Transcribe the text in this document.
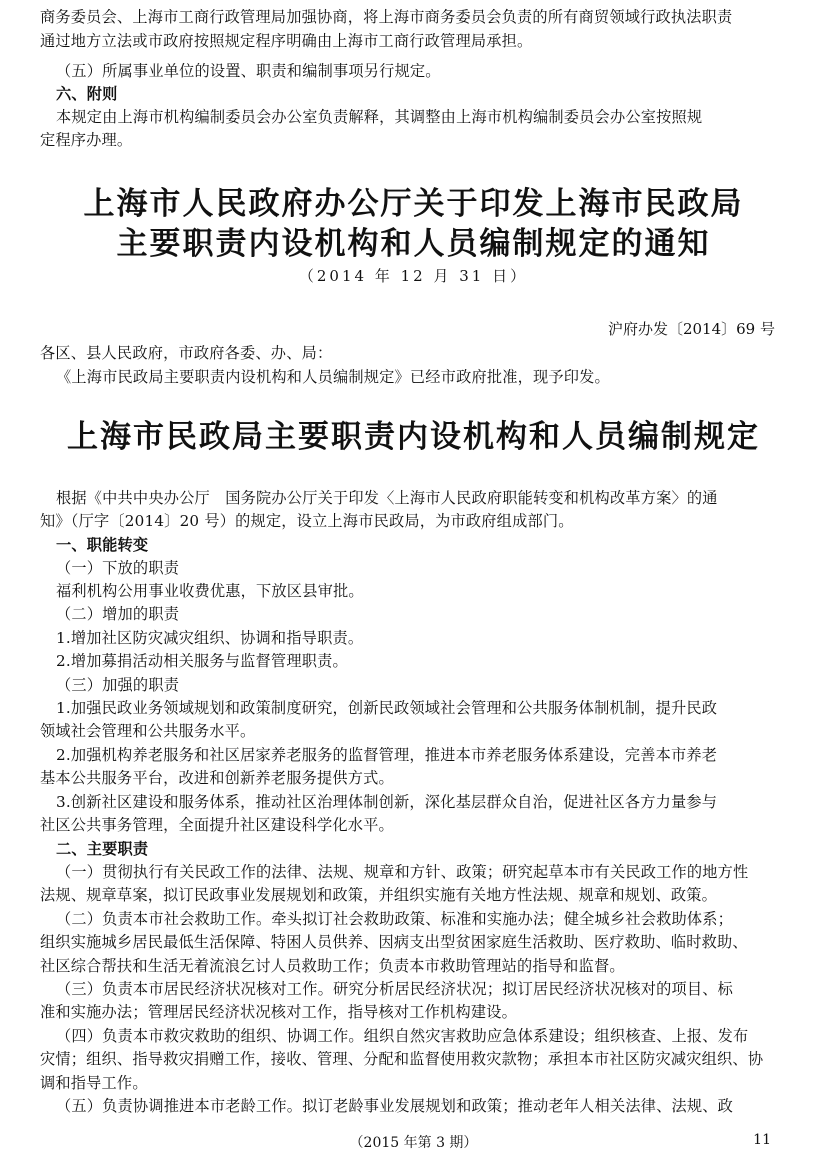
商务委员会、上海市工商行政管理局加强协商，将上海市商务委员会负责的所有商贸领域行政执法职责
通过地方立法或市政府按照规定程序明确由上海市工商行政管理局承担。
（五）所属事业单位的设置、职责和编制事项另行规定。
六、附则
本规定由上海市机构编制委员会办公室负责解释，其调整由上海市机构编制委员会办公室按照规
定程序办理。
上海市人民政府办公厅关于印发上海市民政局
主要职责内设机构和人员编制规定的通知
（2014 年 12 月 31 日）
沪府办发〔2014〕69 号
各区、县人民政府，市政府各委、办、局：
《上海市民政局主要职责内设机构和人员编制规定》已经市政府批准，现予印发。
上海市民政局主要职责内设机构和人员编制规定
根据《中共中央办公厅　国务院办公厅关于印发〈上海市人民政府职能转变和机构改革方案〉的通
知》（厅字〔2014〕20 号）的规定，设立上海市民政局，为市政府组成部门。
一、职能转变
（一）下放的职责
福利机构公用事业收费优惠，下放区县审批。
（二）增加的职责
1.增加社区防灾减灾组织、协调和指导职责。
2.增加募捐活动相关服务与监督管理职责。
（三）加强的职责
1.加强民政业务领域规划和政策制度研究，创新民政领域社会管理和公共服务体制机制，提升民政
领域社会管理和公共服务水平。
2.加强机构养老服务和社区居家养老服务的监督管理，推进本市养老服务体系建设，完善本市养老
基本公共服务平台，改进和创新养老服务提供方式。
3.创新社区建设和服务体系，推动社区治理体制创新，深化基层群众自治，促进社区各方力量参与
社区公共事务管理，全面提升社区建设科学化水平。
二、主要职责
（一）贯彻执行有关民政工作的法律、法规、规章和方针、政策；研究起草本市有关民政工作的地方性
法规、规章草案，拟订民政事业发展规划和政策，并组织实施有关地方性法规、规章和规划、政策。
（二）负责本市社会救助工作。牵头拟订社会救助政策、标准和实施办法；健全城乡社会救助体系；
组织实施城乡居民最低生活保障、特困人员供养、因病支出型贫困家庭生活救助、医疗救助、临时救助、
社区综合帮扶和生活无着流浪乞讨人员救助工作；负责本市救助管理站的指导和监督。
（三）负责本市居民经济状况核对工作。研究分析居民经济状况；拟订居民经济状况核对的项目、标
准和实施办法；管理居民经济状况核对工作，指导核对工作机构建设。
（四）负责本市救灾救助的组织、协调工作。组织自然灾害救助应急体系建设；组织核查、上报、发布
灾情；组织、指导救灾捐赠工作，接收、管理、分配和监督使用救灾款物；承担本市社区防灾减灾组织、协
调和指导工作。
（五）负责协调推进本市老龄工作。拟订老龄事业发展规划和政策；推动老年人相关法律、法规、政
（2015 年第 3 期）	11
